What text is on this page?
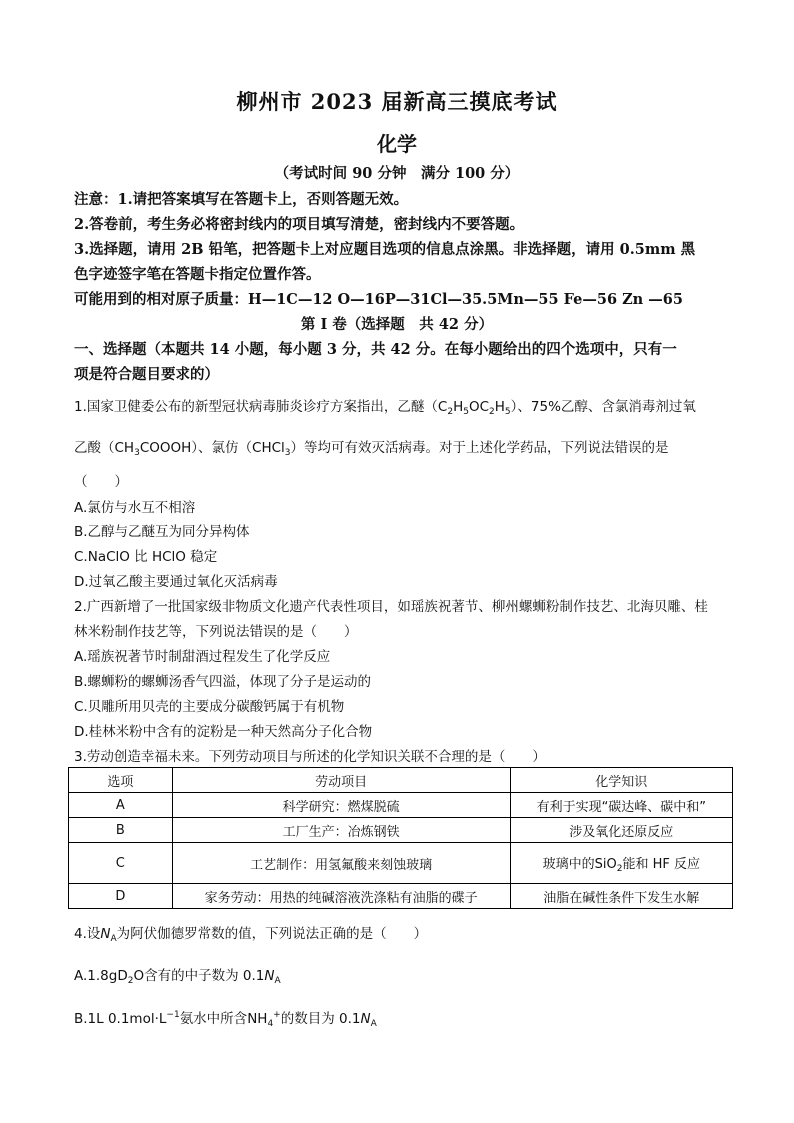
柳州市 2023 届新高三摸底考试
化学
（考试时间 90 分钟　满分 100 分）
注意：1.请把答案填写在答题卡上，否则答题无效。
2.答卷前，考生务必将密封线内的项目填写清楚，密封线内不要答题。
3.选择题，请用 2B 铅笔，把答题卡上对应题目选项的信息点涂黑。非选择题，请用 0.5mm 黑
色字迹签字笔在答题卡指定位置作答。
可能用到的相对原子质量：H—1C—12 O—16P—31Cl—35.5Mn—55 Fe—56 Zn —65
第 I 卷（选择题　共 42 分）
一、选择题（本题共 14 小题，每小题 3 分，共 42 分。在每小题给出的四个选项中，只有一
项是符合题目要求的）
1.国家卫健委公布的新型冠状病毒肺炎诊疗方案指出，乙醚$(C_2H_5OC_2H_5)$、75%乙醇、含氯消毒剂过氧
乙酸$(CH_3COOOH)$、氯仿（CHCl$_3$）等均可有效灭活病毒。对于上述化学药品，下列说法错误的是
（　　）
A.氯仿与水互不相溶
B.乙醇与乙醚互为同分异构体
C.NaClO 比 HClO 稳定
D.过氧乙酸主要通过氧化灭活病毒
2.广西新增了一批国家级非物质文化遗产代表性项目，如瑶族祝著节、柳州螺蛳粉制作技艺、北海贝雕、桂
林米粉制作技艺等，下列说法错误的是（　　）
A.瑶族祝著节时制甜酒过程发生了化学反应
B.螺蛳粉的螺蛳汤香气四溢，体现了分子是运动的
C.贝雕所用贝壳的主要成分碳酸钙属于有机物
D.桂林米粉中含有的淀粉是一种天然高分子化合物
3.劳动创造幸福未来。下列劳动项目与所述的化学知识关联不合理的是（　　）
选项	劳动项目	化学知识
A	科学研究：燃煤脱硫	有利于实现“碳达峰、碳中和”
B	工厂生产：冶炼钢铁	涉及氧化还原反应
C	工艺制作：用氢氟酸来刻蚀玻璃	玻璃中的SiO$_2$能和 HF 反应
D	家务劳动：用热的纯碱溶液洗涤粘有油脂的碟子	油脂在碱性条件下发生水解
4.设$N_A$为阿伏伽德罗常数的值，下列说法正确的是（　　）
$A.1.8gD_2O$含有的中子数为 $0.1N_A$
B.1L $0.1mol\cdot L^{-1}$氨水中所含$NH_4^+$的数目为 $0.1N_A$
